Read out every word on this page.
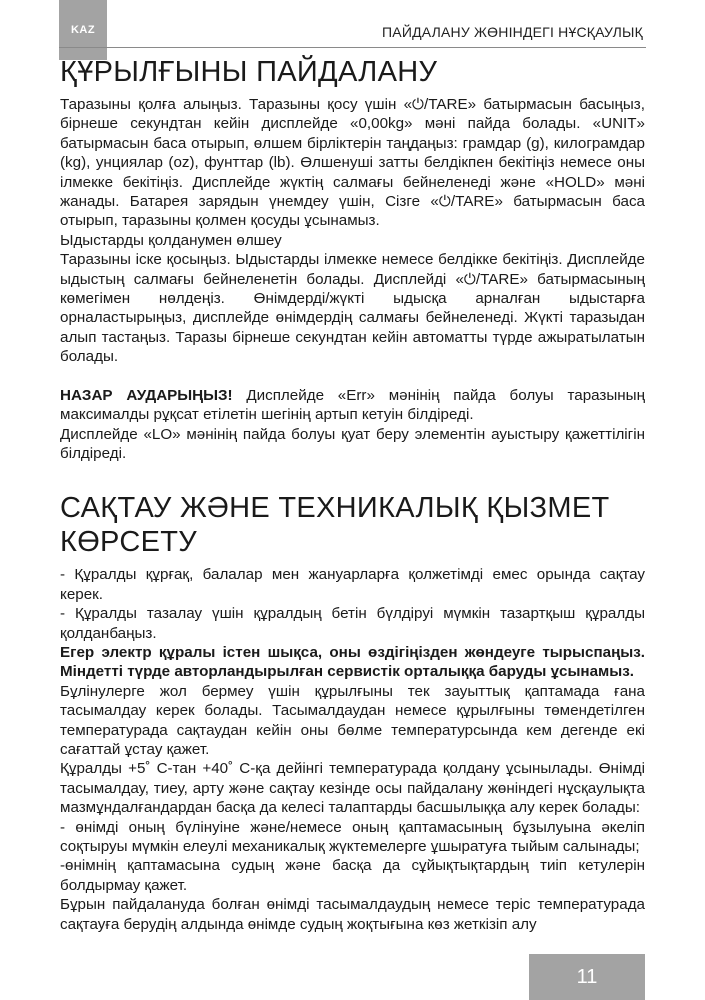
KAZ	ПАЙДАЛАНУ ЖӨНІНДЕГІ НҰСҚАУЛЫҚ
ҚҰРЫЛҒЫНЫ ПАЙДАЛАНУ

Таразыны қолға алыңыз. Таразыны қосу үшін «⏻/TARE» батырмасын басыңыз, бірнеше секундтан кейін дисплейде «0,00kg» мәні пайда болады. «UNIT» батырмасын баса отырып, өлшем бірліктерін таңдаңыз: грамдар (g), килограмдар (kg), унциялар (oz), фунттар (lb). Өлшенуші затты белдікпен бекітіңіз немесе оны ілмекке бекітіңіз. Дисплейде жүктің салмағы бейнеленеді және «HOLD» мәні жанады. Батарея зарядын үнемдеу үшін, Сізге «⏻/TARE» батырмасын баса отырып, таразыны қолмен қосуды ұсынамыз.

Ыдыстарды қолданумен өлшеу

Таразыны іске қосыңыз. Ыдыстарды ілмекке немесе белдікке бекітіңіз. Дисплейде ыдыстың салмағы бейнеленетін болады. Дисплейді «⏻/TARE» батырмасының көмегімен нөлдеңіз. Өнімдерді/жүкті ыдысқа арналған ыдыстарға орналастырыңыз, дисплейде өнімдердің салмағы бейнеленеді. Жүкті таразыдан алып тастаңыз. Таразы бірнеше секундтан кейін автоматты түрде ажыратылатын болады.

НАЗАР АУДАРЫҢЫЗ! Дисплейде «Err» мәнінің пайда болуы таразының максималды рұқсат етілетін шегінің артып кетуін білдіреді.

Дисплейде «LO» мәнінің пайда болуы қуат беру элементін ауыстыру қажеттілігін білдіреді.

САҚТАУ ЖӘНЕ ТЕХНИКАЛЫҚ ҚЫЗМЕТ
КӨРСЕТУ

- Құралды құрғақ, балалар мен жануарларға қолжетімді емес орында сақтау керек.

- Құралды тазалау үшін құралдың бетін бүлдіруі мүмкін тазартқыш құралды қолданбаңыз.

Егер электр құралы істен шықса, оны өздігіңізден жөндеуге тырыспаңыз. Міндетті түрде авторландырылған сервистік орталыққа баруды ұсынамыз.

Бұлінулерге жол бермеу үшін құрылғыны тек зауыттық қаптамада ғана тасымалдау керек болады. Тасымалдаудан немесе құрылғыны төмендетілген температурада сақтаудан кейін оны бөлме температурсында кем дегенде екі сағаттай ұстау қажет.

Құралды +5˚ С-тан +40˚ С-қа дейінгі температурада қолдану ұсынылады. Өнімді тасымалдау, тиеу, арту және сақтау кезінде осы пайдалану жөніндегі нұсқаулықта мазмұндалғандардан басқа да келесі талаптарды басшылыққа алу керек болады:

- өнімді оның бүлінуіне және/немесе оның қаптамасының бұзылуына әкеліп соқтыруы мүмкін елеулі механикалық жүктемелерге ұшыратуға тыйым салынады;

-өнімнің қаптамасына судың және басқа да сұйықтықтардың тиіп кетулерін болдырмау қажет.

Бұрын пайдалануда болған өнімді тасымалдаудың немесе теріс температурада сақтауға берудің алдында өнімде судың жоқтығына көз жеткізіп алу

11
